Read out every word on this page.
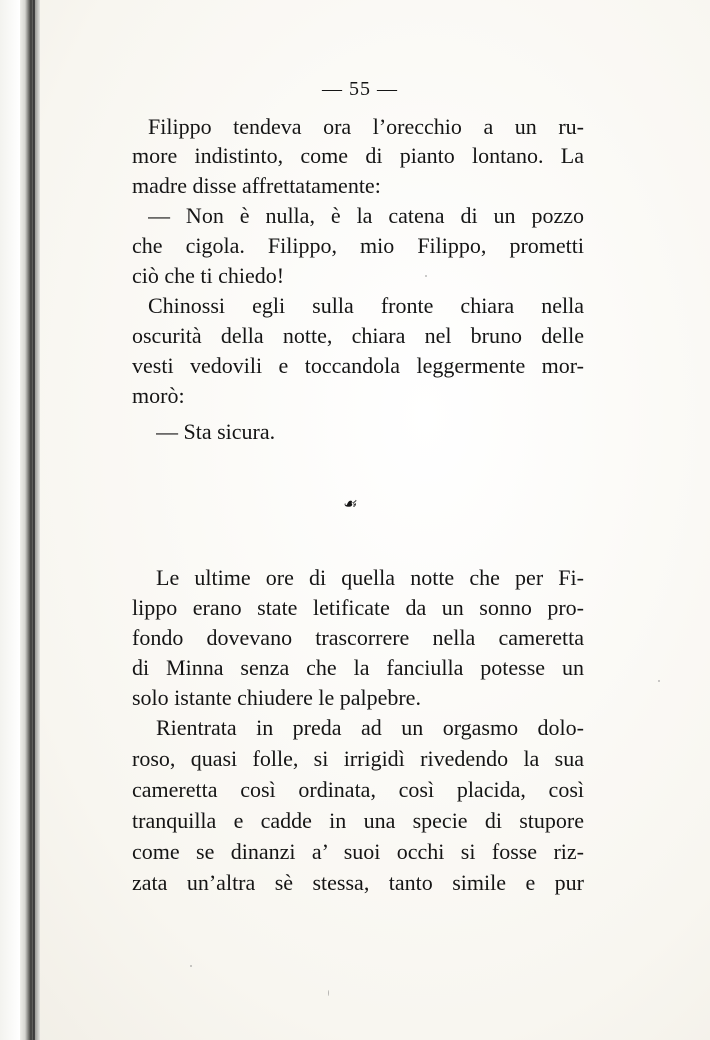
— 55 —
Filippo tendeva ora l’orecchio a un ru-
more indistinto, come di pianto lontano. La
madre disse affrettatamente:
— Non è nulla, è la catena di un pozzo
che cigola. Filippo, mio Filippo, prometti
ciò che ti chiedo!
Chinossi egli sulla fronte chiara nella
oscurità della notte, chiara nel bruno delle
vesti vedovili e toccandola leggermente mor-
morò:
— Sta sicura.
☙
Le ultime ore di quella notte che per Fi-
lippo erano state letificate da un sonno pro-
fondo dovevano trascorrere nella cameretta
di Minna senza che la fanciulla potesse un
solo istante chiudere le palpebre.
Rientrata in preda ad un orgasmo dolo-
roso, quasi folle, si irrigidì rivedendo la sua
cameretta così ordinata, così placida, così
tranquilla e cadde in una specie di stupore
come se dinanzi a’ suoi occhi si fosse riz-
zata un’altra sè stessa, tanto simile e pur
